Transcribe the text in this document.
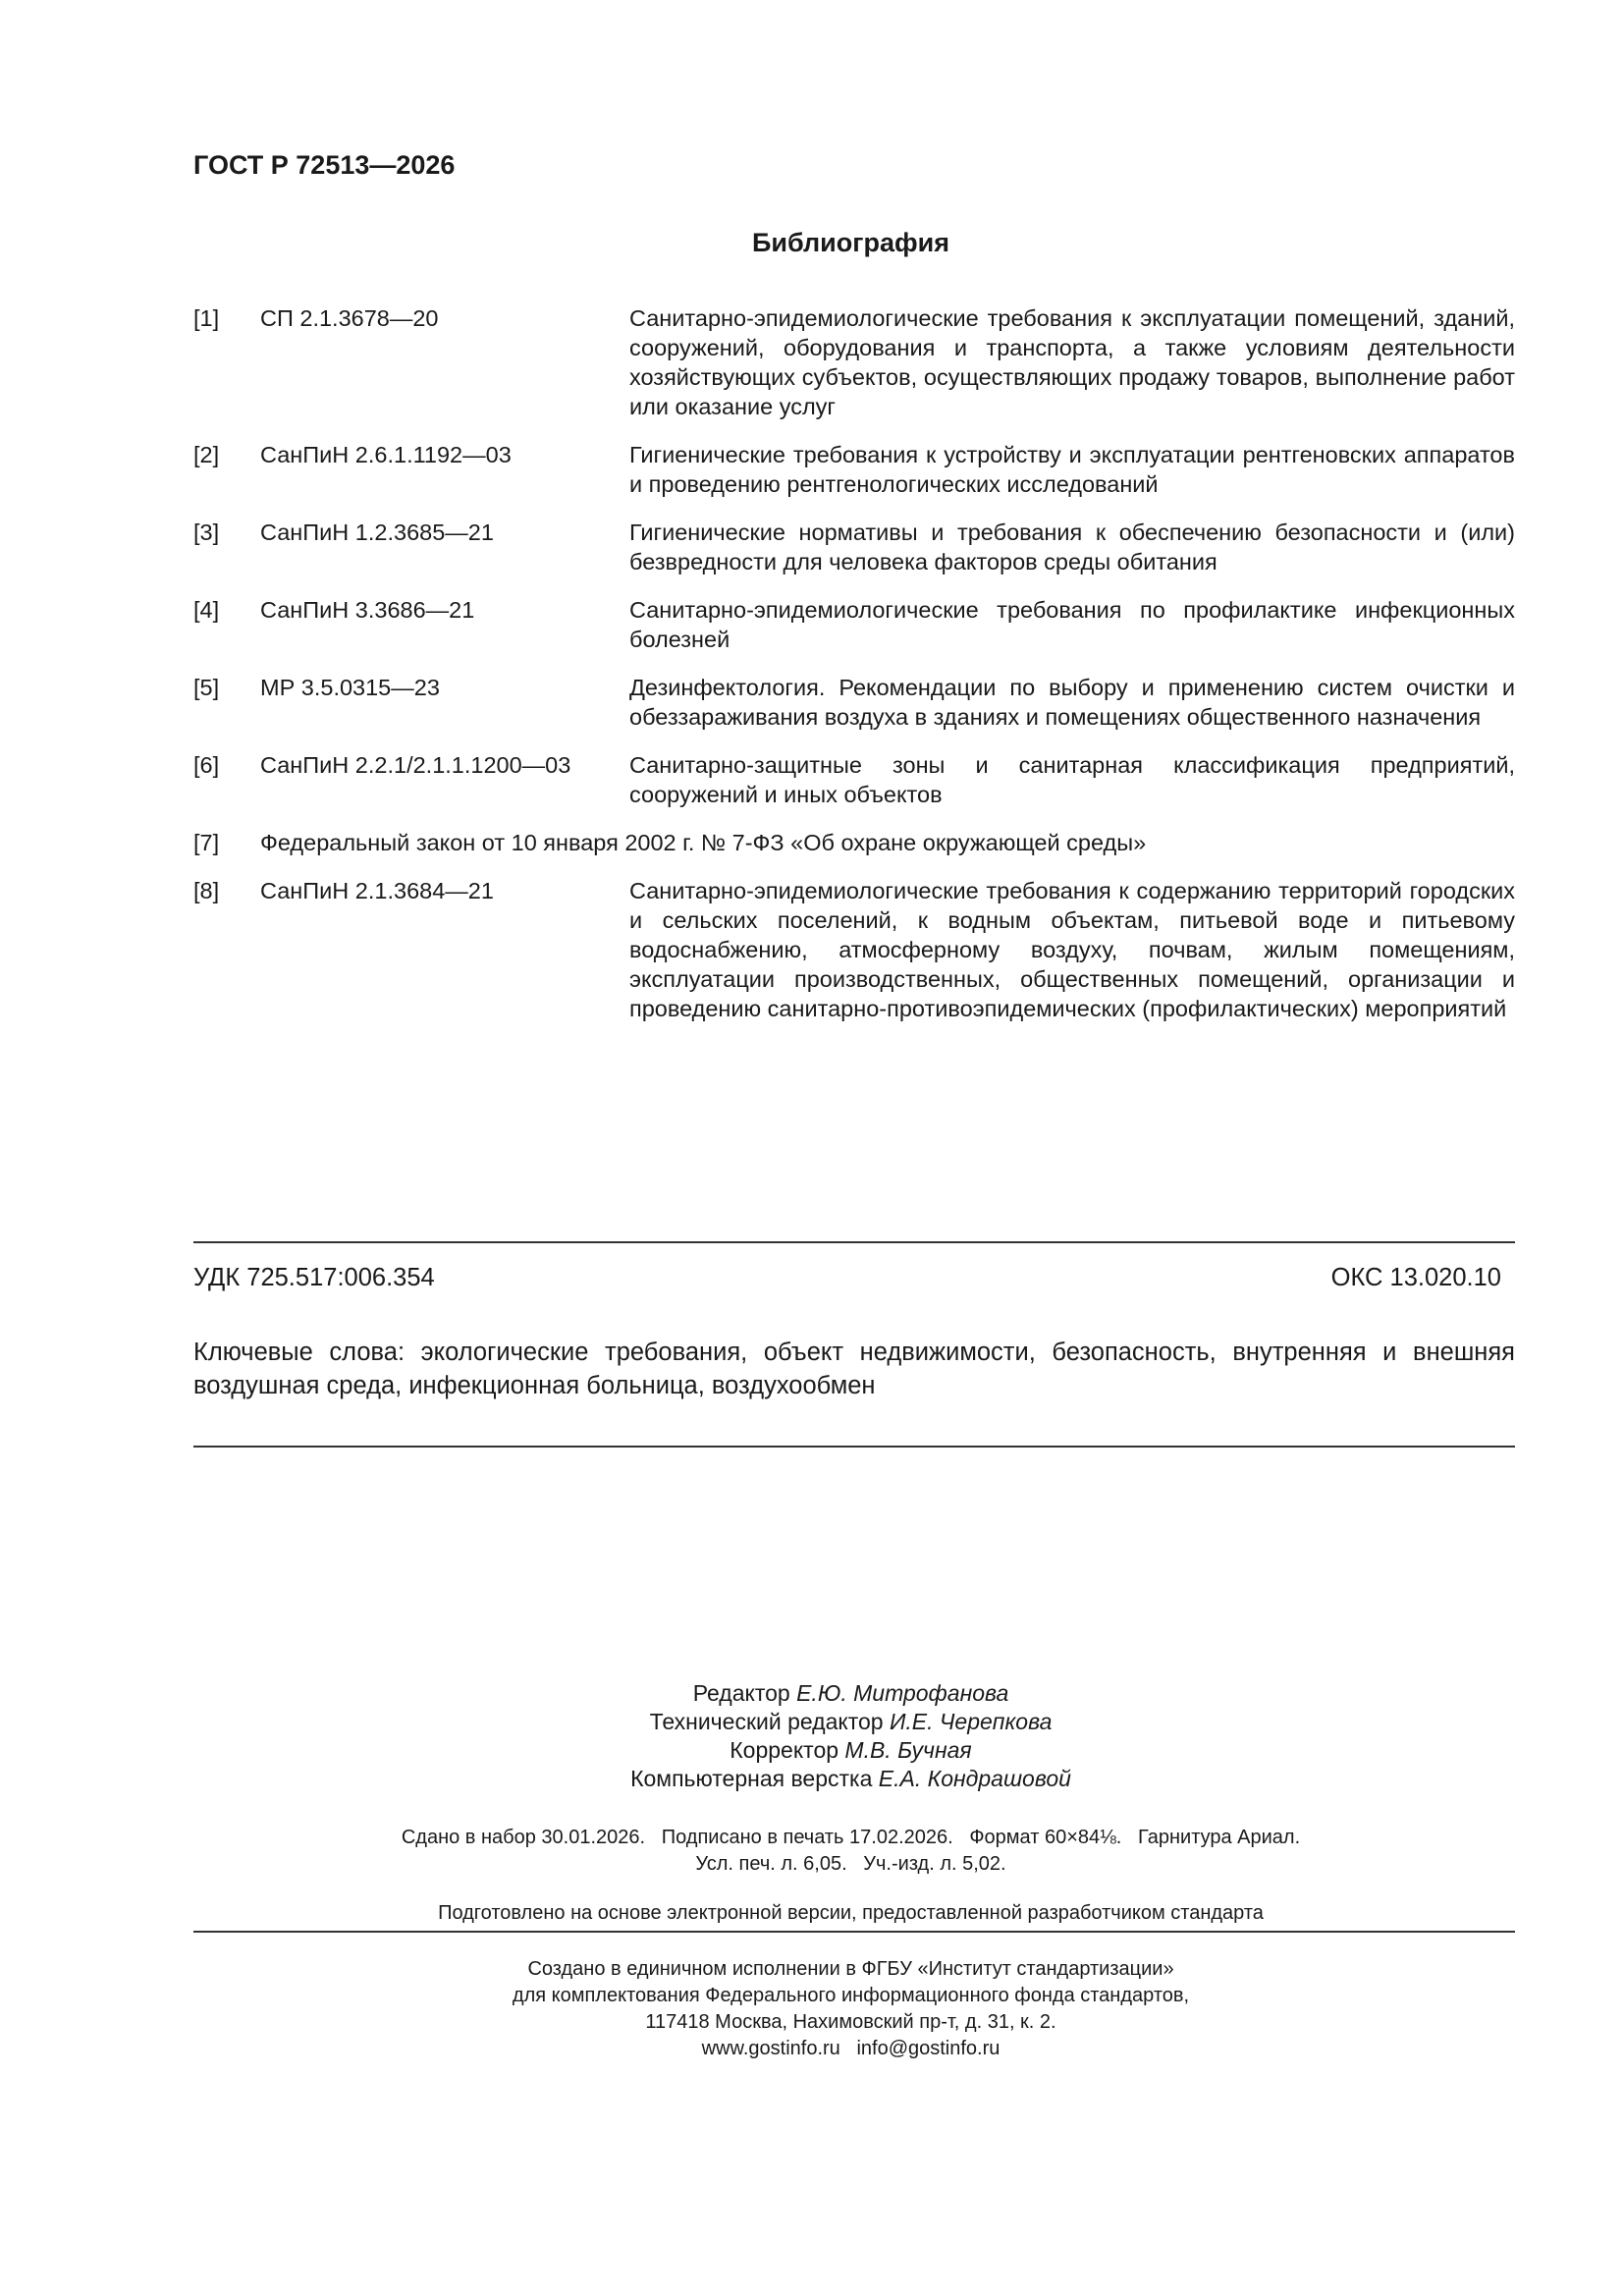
ГОСТ Р 72513—2026
Библиография
[1]	СП 2.1.3678—20	Санитарно-эпидемиологические требования к эксплуатации помещений, зданий, сооружений, оборудования и транспорта, а также условиям деятельности хозяйствующих субъектов, осуществляющих продажу товаров, выполнение работ или оказание услуг
[2]	СанПиН 2.6.1.1192—03	Гигиенические требования к устройству и эксплуатации рентгеновских аппаратов и проведению рентгенологических исследований
[3]	СанПиН 1.2.3685—21	Гигиенические нормативы и требования к обеспечению безопасности и (или) безвредности для человека факторов среды обитания
[4]	СанПиН 3.3686—21	Санитарно-эпидемиологические требования по профилактике инфекционных болезней
[5]	МР 3.5.0315—23	Дезинфектология. Рекомендации по выбору и применению систем очистки и обеззараживания воздуха в зданиях и помещениях общественного назначения
[6]	СанПиН 2.2.1/2.1.1.1200—03	Санитарно-защитные зоны и санитарная классификация предприятий, сооружений и иных объектов
[7]	Федеральный закон от 10 января 2002 г. № 7-ФЗ «Об охране окружающей среды»
[8]	СанПиН 2.1.3684—21	Санитарно-эпидемиологические требования к содержанию территорий городских и сельских поселений, к водным объектам, питьевой воде и питьевому водоснабжению, атмосферному воздуху, почвам, жилым помещениям, эксплуатации производственных, общественных помещений, организации и проведению санитарно-противоэпидемических (профилактических) мероприятий
УДК 725.517:006.354	ОКС 13.020.10
Ключевые слова: экологические требования, объект недвижимости, безопасность, внутренняя и внешняя воздушная среда, инфекционная больница, воздухообмен
Редактор Е.Ю. Митрофанова
Технический редактор И.Е. Черепкова
Корректор М.В. Бучная
Компьютерная верстка Е.А. Кондрашовой
Сдано в набор 30.01.2026.   Подписано в печать 17.02.2026.   Формат 60×84⅛.   Гарнитура Ариал.
Усл. печ. л. 6,05.   Уч.-изд. л. 5,02.
Подготовлено на основе электронной версии, предоставленной разработчиком стандарта
Создано в единичном исполнении в ФГБУ «Институт стандартизации»
для комплектования Федерального информационного фонда стандартов,
117418 Москва, Нахимовский пр-т, д. 31, к. 2.
www.gostinfo.ru   info@gostinfo.ru
